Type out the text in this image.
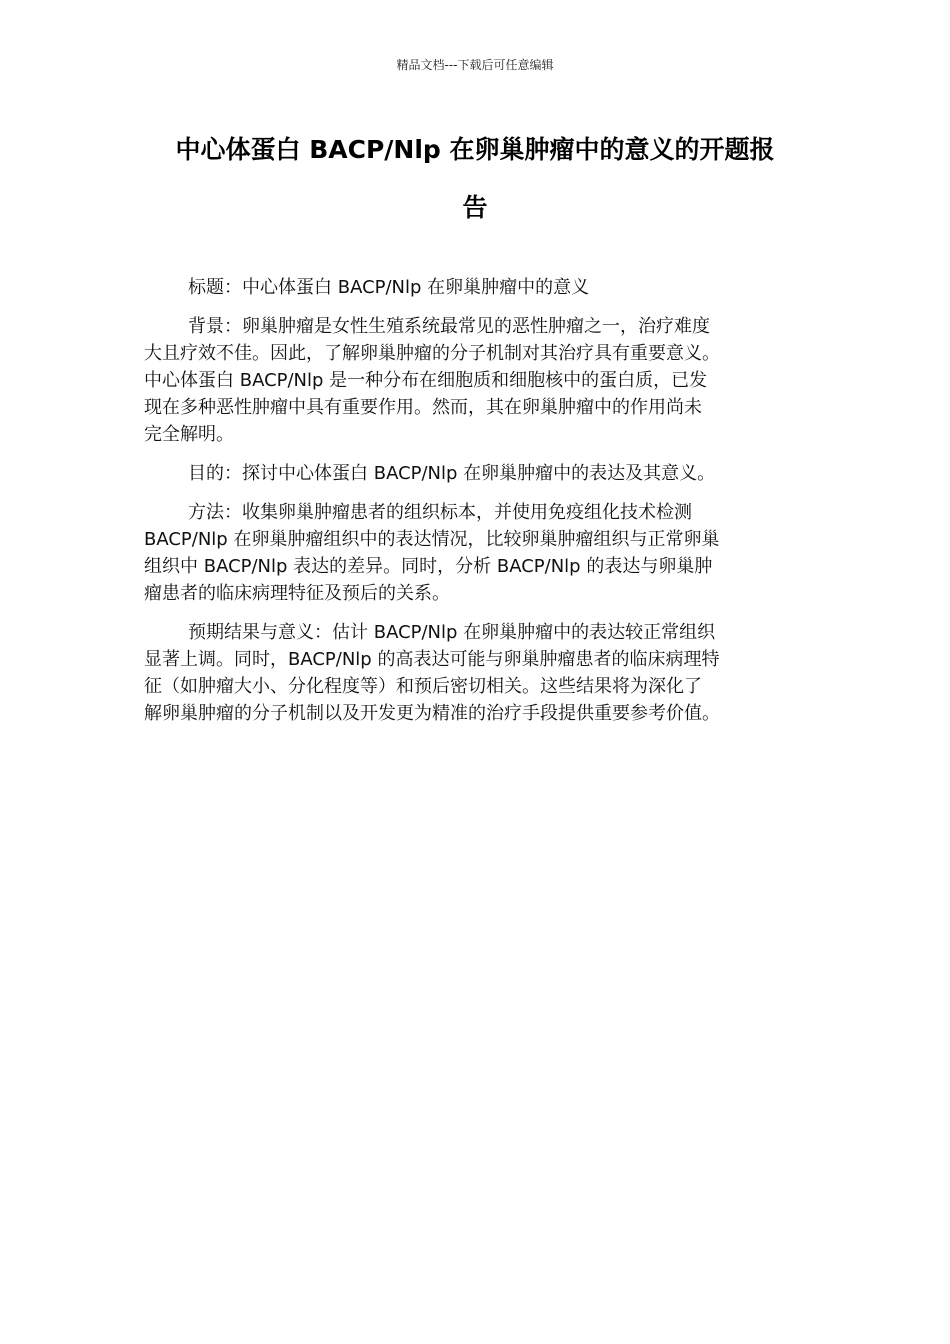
精品文档---下载后可任意编辑
中心体蛋白 BACP/Nlp 在卵巢肿瘤中的意义的开题报
告

标题：中心体蛋白 BACP/Nlp 在卵巢肿瘤中的意义

背景：卵巢肿瘤是女性生殖系统最常见的恶性肿瘤之一，治疗难度
大且疗效不佳。因此，了解卵巢肿瘤的分子机制对其治疗具有重要意义。
中心体蛋白 BACP/Nlp 是一种分布在细胞质和细胞核中的蛋白质，已发
现在多种恶性肿瘤中具有重要作用。然而，其在卵巢肿瘤中的作用尚未
完全解明。

目的：探讨中心体蛋白 BACP/Nlp 在卵巢肿瘤中的表达及其意义。

方法：收集卵巢肿瘤患者的组织标本，并使用免疫组化技术检测
BACP/Nlp 在卵巢肿瘤组织中的表达情况，比较卵巢肿瘤组织与正常卵巢
组织中 BACP/Nlp 表达的差异。同时，分析 BACP/Nlp 的表达与卵巢肿
瘤患者的临床病理特征及预后的关系。

预期结果与意义：估计 BACP/Nlp 在卵巢肿瘤中的表达较正常组织
显著上调。同时，BACP/Nlp 的高表达可能与卵巢肿瘤患者的临床病理特
征（如肿瘤大小、分化程度等）和预后密切相关。这些结果将为深化了
解卵巢肿瘤的分子机制以及开发更为精准的治疗手段提供重要参考价值。
